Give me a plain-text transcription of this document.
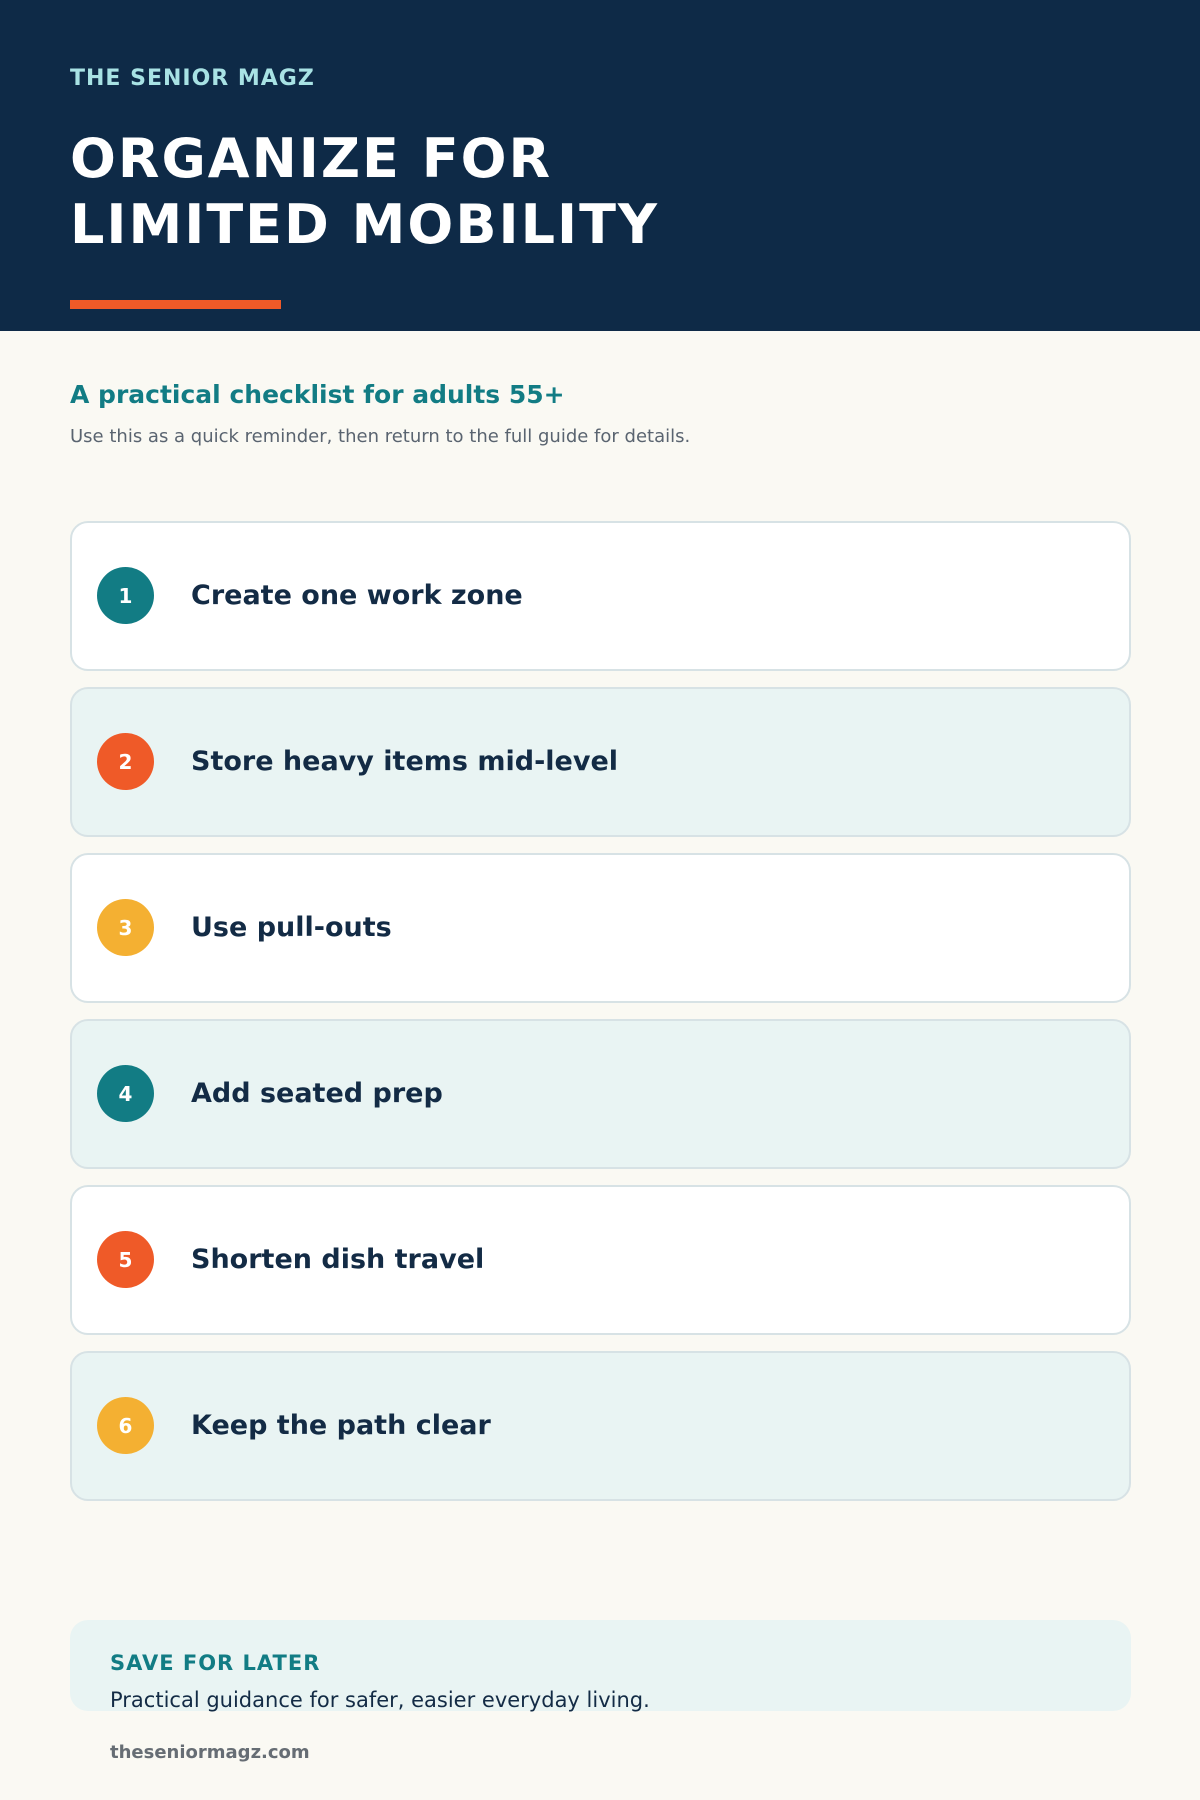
THE SENIOR MAGZ
ORGANIZE FOR
LIMITED MOBILITY
A practical checklist for adults 55+

Use this as a quick reminder, then return to the full guide for details.

1	Create one work zone
2	Store heavy items mid-level
3	Use pull-outs
4	Add seated prep
5	Shorten dish travel
6	Keep the path clear
SAVE FOR LATER
Practical guidance for safer, easier everyday living.
theseniormagz.com
